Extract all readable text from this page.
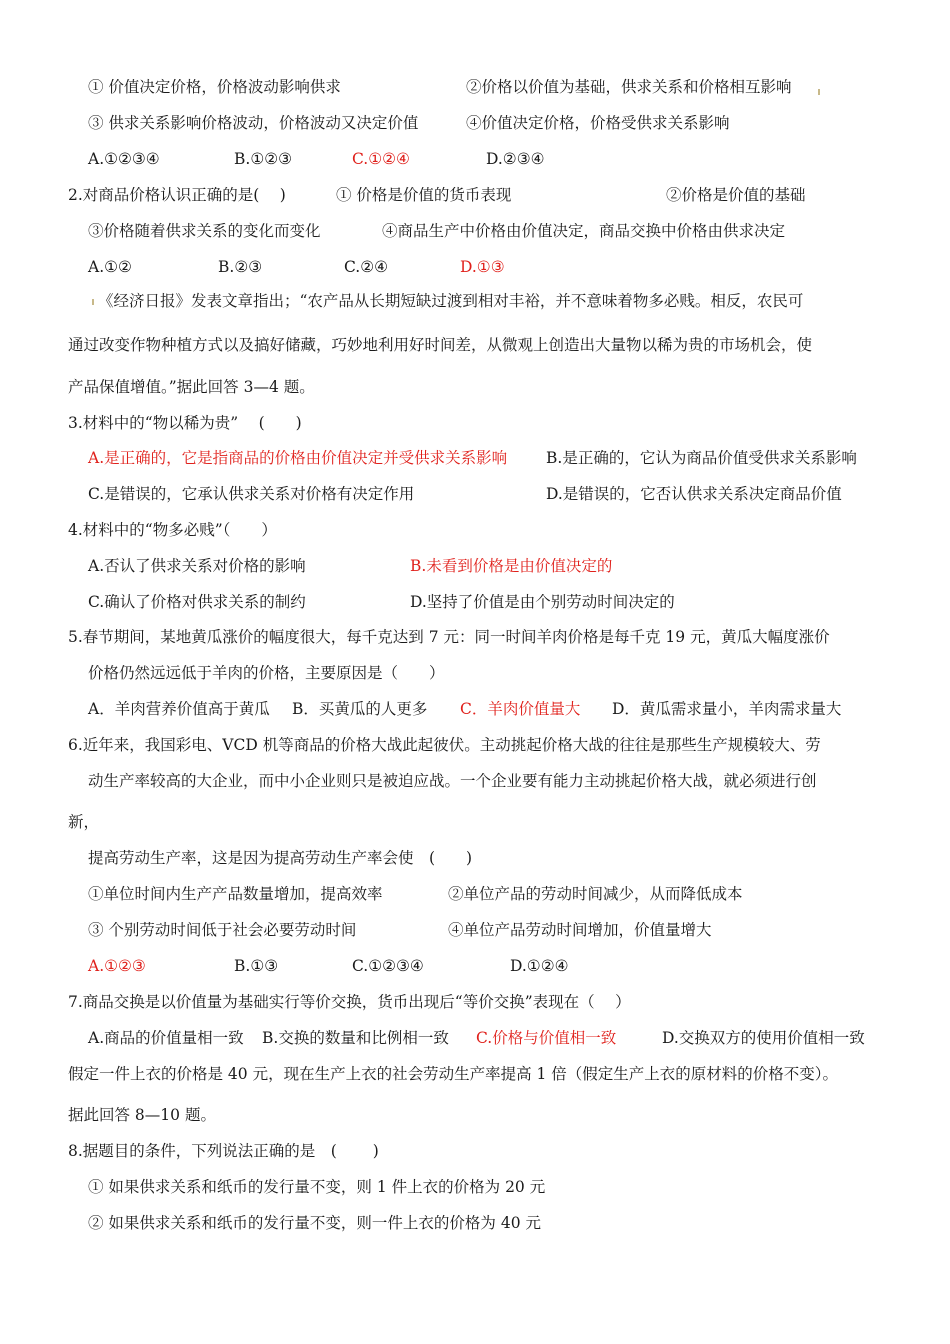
① 价值决定价格，价格波动影响供求	②价格以价值为基础，供求关系和价格相互影响
③ 供求关系影响价格波动，价格波动又决定价值	④价值决定价格，价格受供求关系影响
A.①②③④	B.①②③	C.①②④	D.②③④
2.对商品价格认识正确的是(　 )	① 价格是价值的货币表现	②价格是价值的基础
③价格随着供求关系的变化而变化	④商品生产中价格由价值决定，商品交换中价格由供求决定
A.①②	B.②③	C.②④	D.①③
《经济日报》发表文章指出；“农产品从长期短缺过渡到相对丰裕，并不意味着物多必贱。相反，农民可
通过改变作物种植方式以及搞好储藏，巧妙地利用好时间差，从微观上创造出大量物以稀为贵的市场机会，使
产品保值增值。”据此回答 3—4 题。
3.材料中的“物以稀为贵”　 (　　)
A.是正确的，它是指商品的价格由价值决定并受供求关系影响	B.是正确的，它认为商品价值受供求关系影响
C.是错误的，它承认供求关系对价格有决定作用	D.是错误的，它否认供求关系决定商品价值
4.材料中的“物多必贱”（　　）
A.否认了供求关系对价格的影响	B.未看到价格是由价值决定的
C.确认了价格对供求关系的制约	D.坚持了价值是由个别劳动时间决定的
5.春节期间，某地黄瓜涨价的幅度很大，每千克达到 7 元：同一时间羊肉价格是每千克 19 元，黄瓜大幅度涨价
价格仍然远远低于羊肉的价格，主要原因是（　　）
A．羊肉营养价值高于黄瓜 B．买黄瓜的人更多 C．羊肉价值量大 D．黄瓜需求量小，羊肉需求量大
6.近年来，我国彩电、VCD 机等商品的价格大战此起彼伏。主动挑起价格大战的往往是那些生产规模较大、劳
动生产率较高的大企业，而中小企业则只是被迫应战。一个企业要有能力主动挑起价格大战，就必须进行创
新，
提高劳动生产率，这是因为提高劳动生产率会使　(　　)
①单位时间内生产产品数量增加，提高效率	②单位产品的劳动时间减少，从而降低成本
③ 个别劳动时间低于社会必要劳动时间	④单位产品劳动时间增加，价值量增大
A.①②③	B.①③	C.①②③④	D.①②④
7.商品交换是以价值量为基础实行等价交换，货币出现后“等价交换”表现在（　 ）
A.商品的价值量相一致 B.交换的数量和比例相一致 C.价格与价值相一致	D.交换双方的使用价值相一致
假定一件上衣的价格是 40 元，现在生产上衣的社会劳动生产率提高 1 倍（假定生产上衣的原材料的价格不变）。
据此回答 8—10 题。
8.据题目的条件，下列说法正确的是　(　　 )
① 如果供求关系和纸币的发行量不变，则 1 件上衣的价格为 20 元
② 如果供求关系和纸币的发行量不变，则一件上衣的价格为 40 元
